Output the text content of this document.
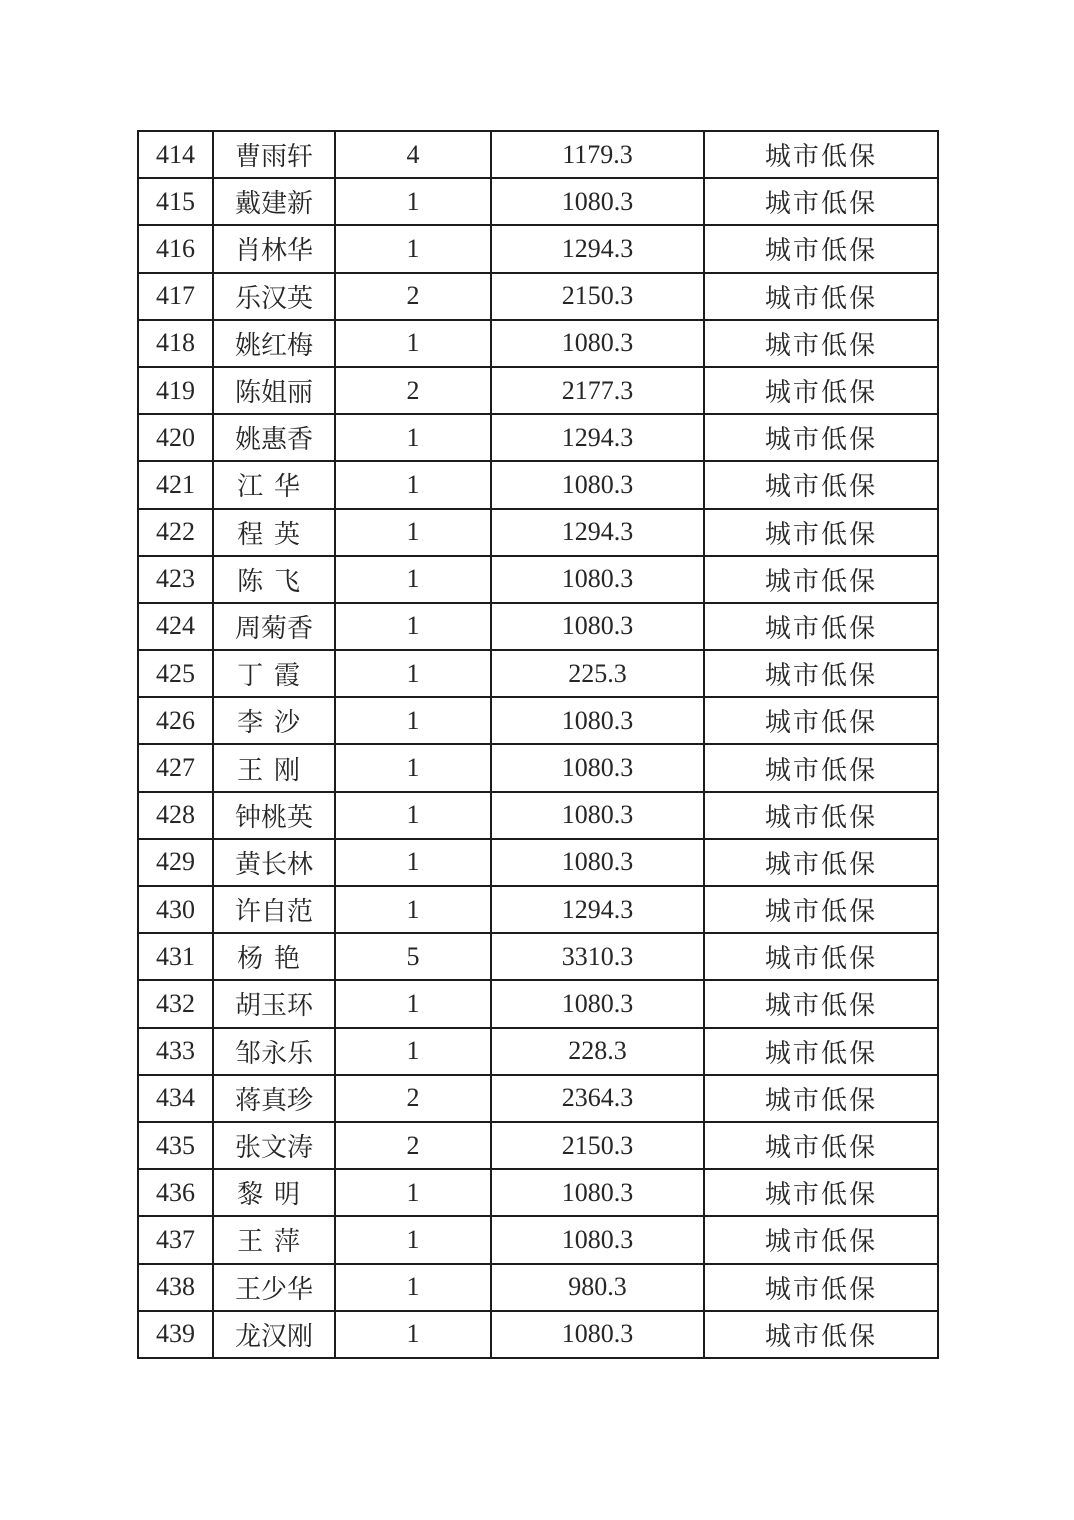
414	曹雨轩	4	1179.3	城市低保
415	戴建新	1	1080.3	城市低保
416	肖林华	1	1294.3	城市低保
417	乐汉英	2	2150.3	城市低保
418	姚红梅	1	1080.3	城市低保
419	陈姐丽	2	2177.3	城市低保
420	姚惠香	1	1294.3	城市低保
421	江华	1	1080.3	城市低保
422	程英	1	1294.3	城市低保
423	陈飞	1	1080.3	城市低保
424	周菊香	1	1080.3	城市低保
425	丁霞	1	225.3	城市低保
426	李沙	1	1080.3	城市低保
427	王刚	1	1080.3	城市低保
428	钟桃英	1	1080.3	城市低保
429	黄长林	1	1080.3	城市低保
430	许自范	1	1294.3	城市低保
431	杨艳	5	3310.3	城市低保
432	胡玉环	1	1080.3	城市低保
433	邹永乐	1	228.3	城市低保
434	蒋真珍	2	2364.3	城市低保
435	张文涛	2	2150.3	城市低保
436	黎明	1	1080.3	城市低保
437	王萍	1	1080.3	城市低保
438	王少华	1	980.3	城市低保
439	龙汉刚	1	1080.3	城市低保
